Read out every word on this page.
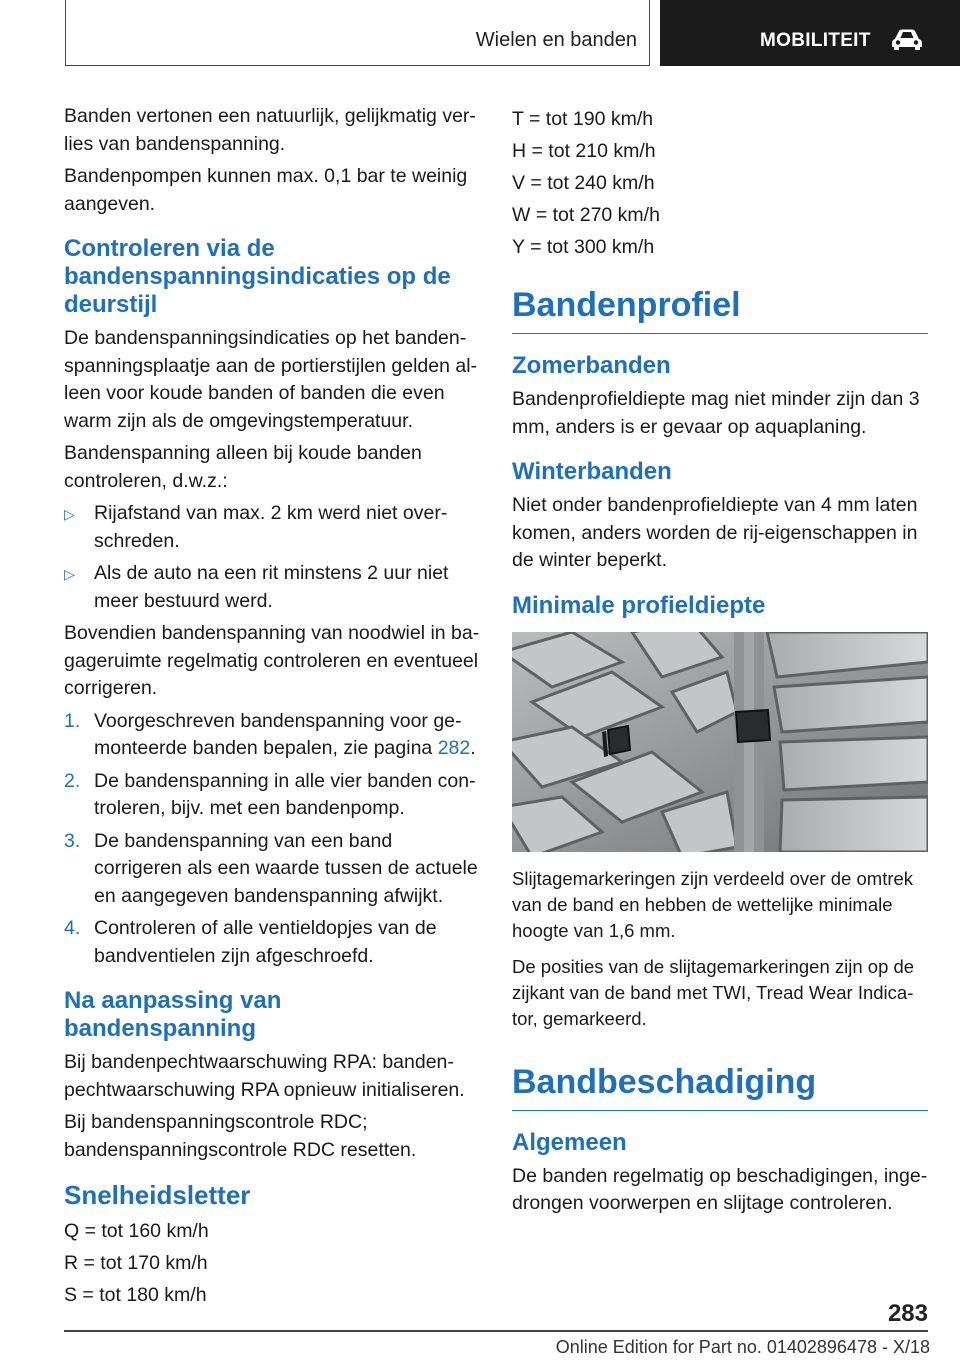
Wielen en banden	MOBILITEIT

Banden vertonen een natuurlijk, gelijkmatig verlies van bandenspanning.

Bandenpompen kunnen max. 0,1 bar te weinig aangeven.

Controleren via de bandenspanningsindicaties op de deurstijl

De bandenspanningsindicaties op het bandenspanningsplaatje aan de portierstijlen gelden alleen voor koude banden of banden die even warm zijn als de omgevingstemperatuur.

Bandenspanning alleen bij koude banden controleren, d.w.z.:

▷ Rijafstand van max. 2 km werd niet overschreden.
▷ Als de auto na een rit minstens 2 uur niet meer bestuurd werd.

Bovendien bandenspanning van noodwiel in bagageruimte regelmatig controleren en eventueel corrigeren.

1. Voorgeschreven bandenspanning voor gemonteerde banden bepalen, zie pagina 282.
2. De bandenspanning in alle vier banden controleren, bijv. met een bandenpomp.
3. De bandenspanning van een band corrigeren als een waarde tussen de actuele en aangegeven bandenspanning afwijkt.
4. Controleren of alle ventieldopjes van de bandventielen zijn afgeschroefd.
Na aanpassing van bandenspanning

Bij bandenpechtwaarschuwing RPA: bandenpechtwaarschuwing RPA opnieuw initialiseren.

Bij bandenspanningscontrole RDC; bandenspanningscontrole RDC resetten.

Snelheidsletter
Q = tot 160 km/h
R = tot 170 km/h
S = tot 180 km/h
T = tot 190 km/h
H = tot 210 km/h
V = tot 240 km/h
W = tot 270 km/h
Y = tot 300 km/h
Bandenprofiel
Zomerbanden

Bandenprofieldiepte mag niet minder zijn dan 3 mm, anders is er gevaar op aquaplaning.

Winterbanden

Niet onder bandenprofieldiepte van 4 mm laten komen, anders worden de rij-eigenschappen in de winter beperkt.

Minimale profieldiepte

Slijtagemarkeringen zijn verdeeld over de omtrek van de band en hebben de wettelijke minimale hoogte van 1,6 mm.

De posities van de slijtagemarkeringen zijn op de zijkant van de band met TWI, Tread Wear Indicator, gemarkeerd.

Bandbeschadiging
Algemeen

De banden regelmatig op beschadigingen, ingedrongen voorwerpen en slijtage controleren.

283
Online Edition for Part no. 01402896478 - X/18
